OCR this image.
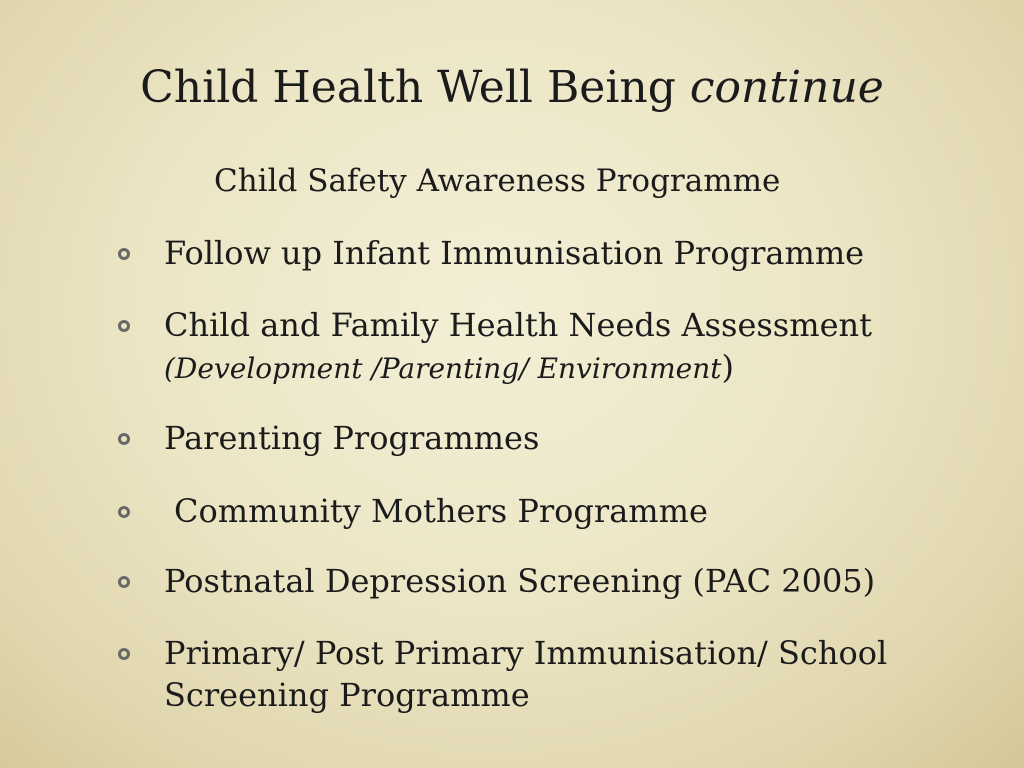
Child Health Well Being continue
Child Safety Awareness Programme
Follow up Infant Immunisation Programme
Child and Family Health Needs Assessment
(Development /Parenting/ Environment)
Parenting Programmes
Community Mothers Programme
Postnatal Depression Screening (PAC 2005)
Primary/ Post Primary Immunisation/ School Screening Programme
